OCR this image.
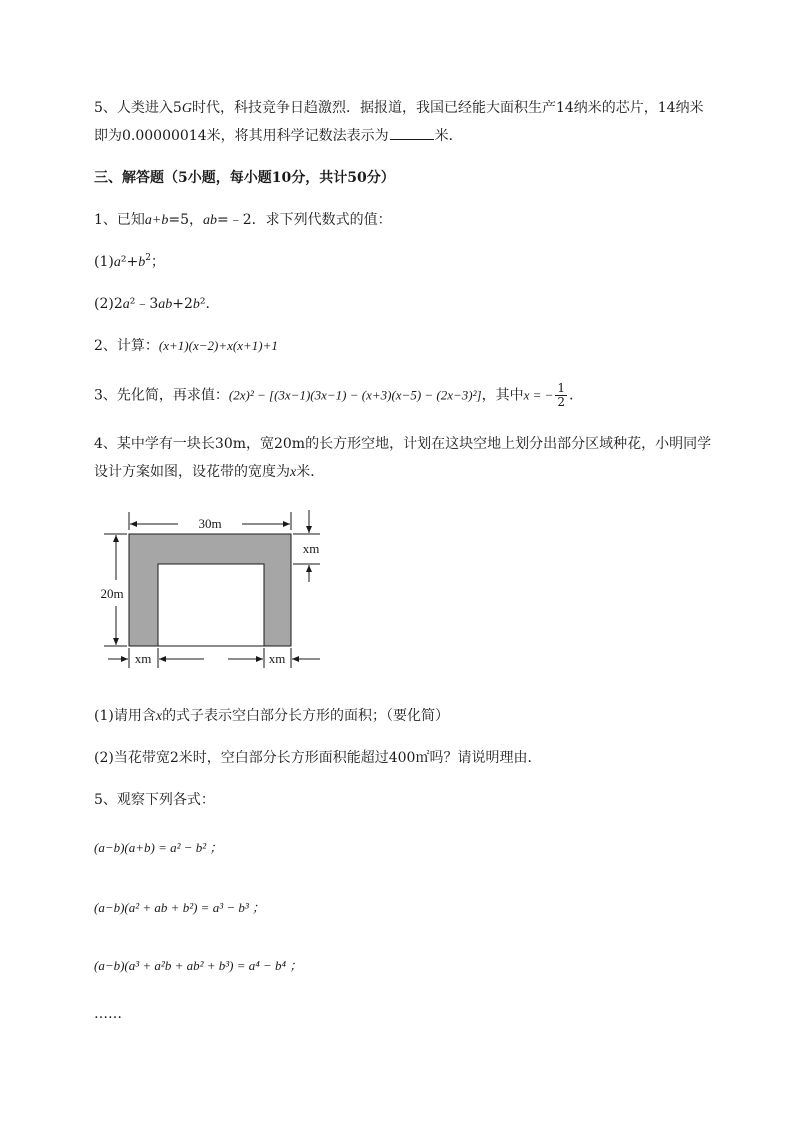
5、人类进入5G时代，科技竞争日趋激烈．据报道，我国已经能大面积生产14纳米的芯片，14纳米
即为0.00000014米，将其用科学记数法表示为	米．
三、解答题（5小题，每小题10分，共计50分）
1、已知a+b=5，ab=﹣2．求下列代数式的值：
$(1)a^2+b^2$；
(2)2a²﹣3ab+2b².
2、计算：(x+1)(x−2)+x(x+1)+1
3、先化简，再求值：(2x)² − [(3x−1)(3x−1) − (x+3)(x−5) − (2x−3)²]，其中x = − $\frac{1}{2}$ ．
4、某中学有一块长30m，宽20m的长方形空地，计划在这块空地上划分出部分区域种花，小明同学
设计方案如图，设花带的宽度为x米．
30m
20m
xm
xm	xm
(1)请用含x的式子表示空白部分长方形的面积；（要化简）
(2)当花带宽2米时，空白部分长方形面积能超过400㎡吗？请说明理由．
5、观察下列各式：
(a−b)(a+b) = a² − b² ；
(a−b)(a² + ab + b²) = a³ − b³ ；
(a−b)(a³ + a²b + ab² + b³) = a⁴ − b⁴ ；
……
